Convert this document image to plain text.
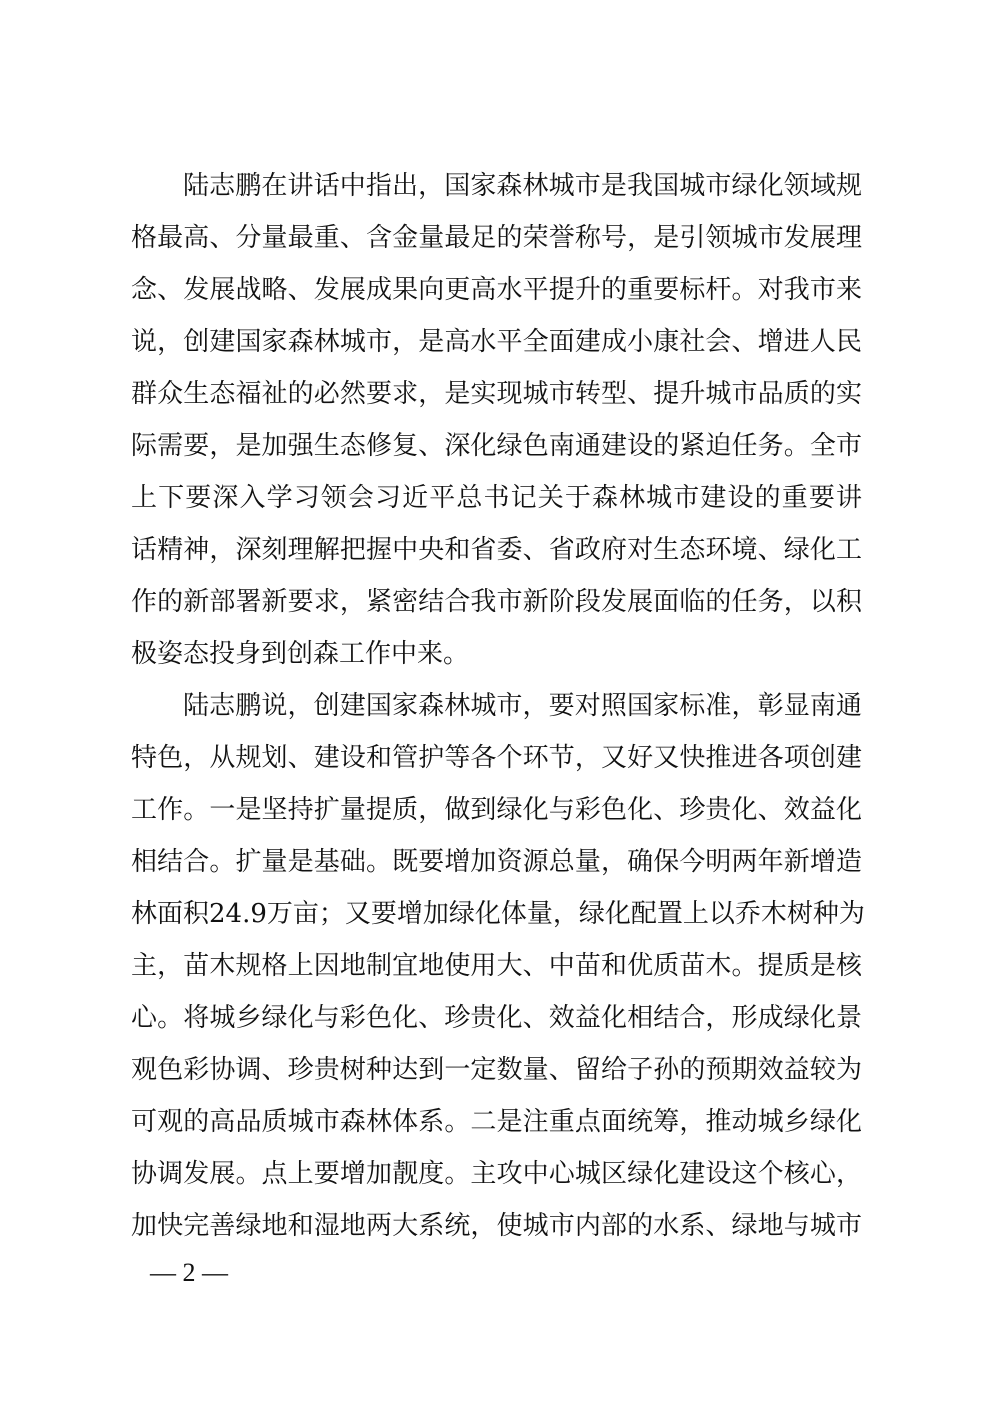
陆志鹏在讲话中指出，国家森林城市是我国城市绿化领域规
格最高、分量最重、含金量最足的荣誉称号，是引领城市发展理
念、发展战略、发展成果向更高水平提升的重要标杆。对我市来
说，创建国家森林城市，是高水平全面建成小康社会、增进人民
群众生态福祉的必然要求，是实现城市转型、提升城市品质的实
际需要，是加强生态修复、深化绿色南通建设的紧迫任务。全市
上下要深入学习领会习近平总书记关于森林城市建设的重要讲
话精神，深刻理解把握中央和省委、省政府对生态环境、绿化工
作的新部署新要求，紧密结合我市新阶段发展面临的任务，以积
极姿态投身到创森工作中来。
陆志鹏说，创建国家森林城市，要对照国家标准，彰显南通
特色，从规划、建设和管护等各个环节，又好又快推进各项创建
工作。一是坚持扩量提质，做到绿化与彩色化、珍贵化、效益化
相结合。扩量是基础。既要增加资源总量，确保今明两年新增造
林面积24.9万亩；又要增加绿化体量，绿化配置上以乔木树种为
主，苗木规格上因地制宜地使用大、中苗和优质苗木。提质是核
心。将城乡绿化与彩色化、珍贵化、效益化相结合，形成绿化景
观色彩协调、珍贵树种达到一定数量、留给子孙的预期效益较为
可观的高品质城市森林体系。二是注重点面统筹，推动城乡绿化
协调发展。点上要增加靓度。主攻中心城区绿化建设这个核心，
加快完善绿地和湿地两大系统，使城市内部的水系、绿地与城市
— 2 —
